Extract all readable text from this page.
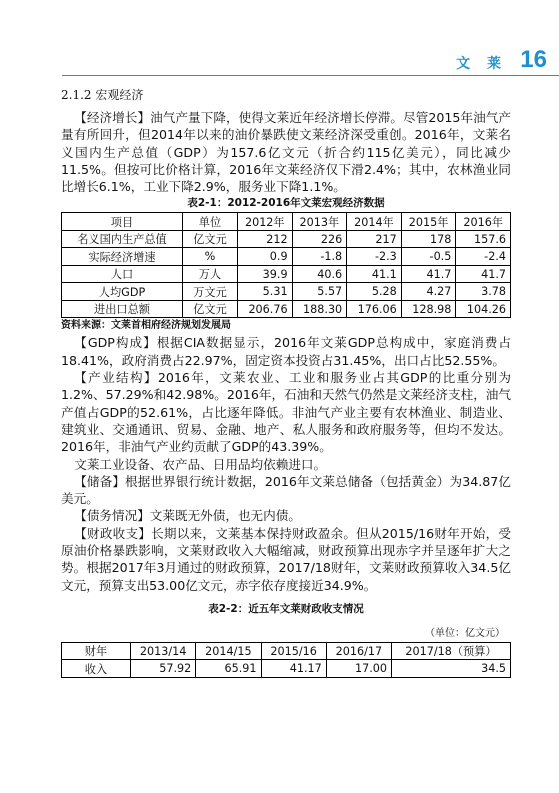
文 莱 16
2.1.2 宏观经济

【经济增长】油气产量下降，使得文莱近年经济增长停滞。尽管2015年油气产量有所回升，但2014年以来的油价暴跌使文莱经济深受重创。2016年，文莱名义国内生产总值（GDP）为157.6亿文元（折合约115亿美元），同比减少11.5%。但按可比价格计算，2016年文莱经济仅下滑2.4%；其中，农林渔业同比增长6.1%，工业下降2.9%，服务业下降1.1%。

表2-1：2012-2016年文莱宏观经济数据
项目	单位	2012年	2013年	2014年	2015年	2016年
名义国内生产总值	亿文元	212	226	217	178	157.6
实际经济增速	%	0.9	-1.8	-2.3	-0.5	-2.4
人口	万人	39.9	40.6	41.1	41.7	41.7
人均GDP	万文元	5.31	5.57	5.28	4.27	3.78
进出口总额	亿文元	206.76	188.30	176.06	128.98	104.26
资料来源：文莱首相府经济规划发展局

【GDP构成】根据CIA数据显示，2016年文莱GDP总构成中，家庭消费占18.41%，政府消费占22.97%，固定资本投资占31.45%，出口占比52.55%。

【产业结构】2016年，文莱农业、工业和服务业占其GDP的比重分别为1.2%、57.29%和42.98%。2016年，石油和天然气仍然是文莱经济支柱，油气产值占GDP的52.61%，占比逐年降低。非油气产业主要有农林渔业、制造业、建筑业、交通通讯、贸易、金融、地产、私人服务和政府服务等，但均不发达。2016年，非油气产业约贡献了GDP的43.39%。

文莱工业设备、农产品、日用品均依赖进口。

【储备】根据世界银行统计数据，2016年文莱总储备（包括黄金）为34.87亿美元。

【债务情况】文莱既无外债，也无内债。

【财政收支】长期以来，文莱基本保持财政盈余。但从2015/16财年开始，受原油价格暴跌影响，文莱财政收入大幅缩减，财政预算出现赤字并呈逐年扩大之势。根据2017年3月通过的财政预算，2017/18财年，文莱财政预算收入34.5亿文元，预算支出53.00亿文元，赤字依存度接近34.9%。

表2-2：近五年文莱财政收支情况
（单位：亿文元）
财年	2013/14	2014/15	2015/16	2016/17	2017/18（预算）
收入	57.92	65.91	41.17	17.00	34.5
